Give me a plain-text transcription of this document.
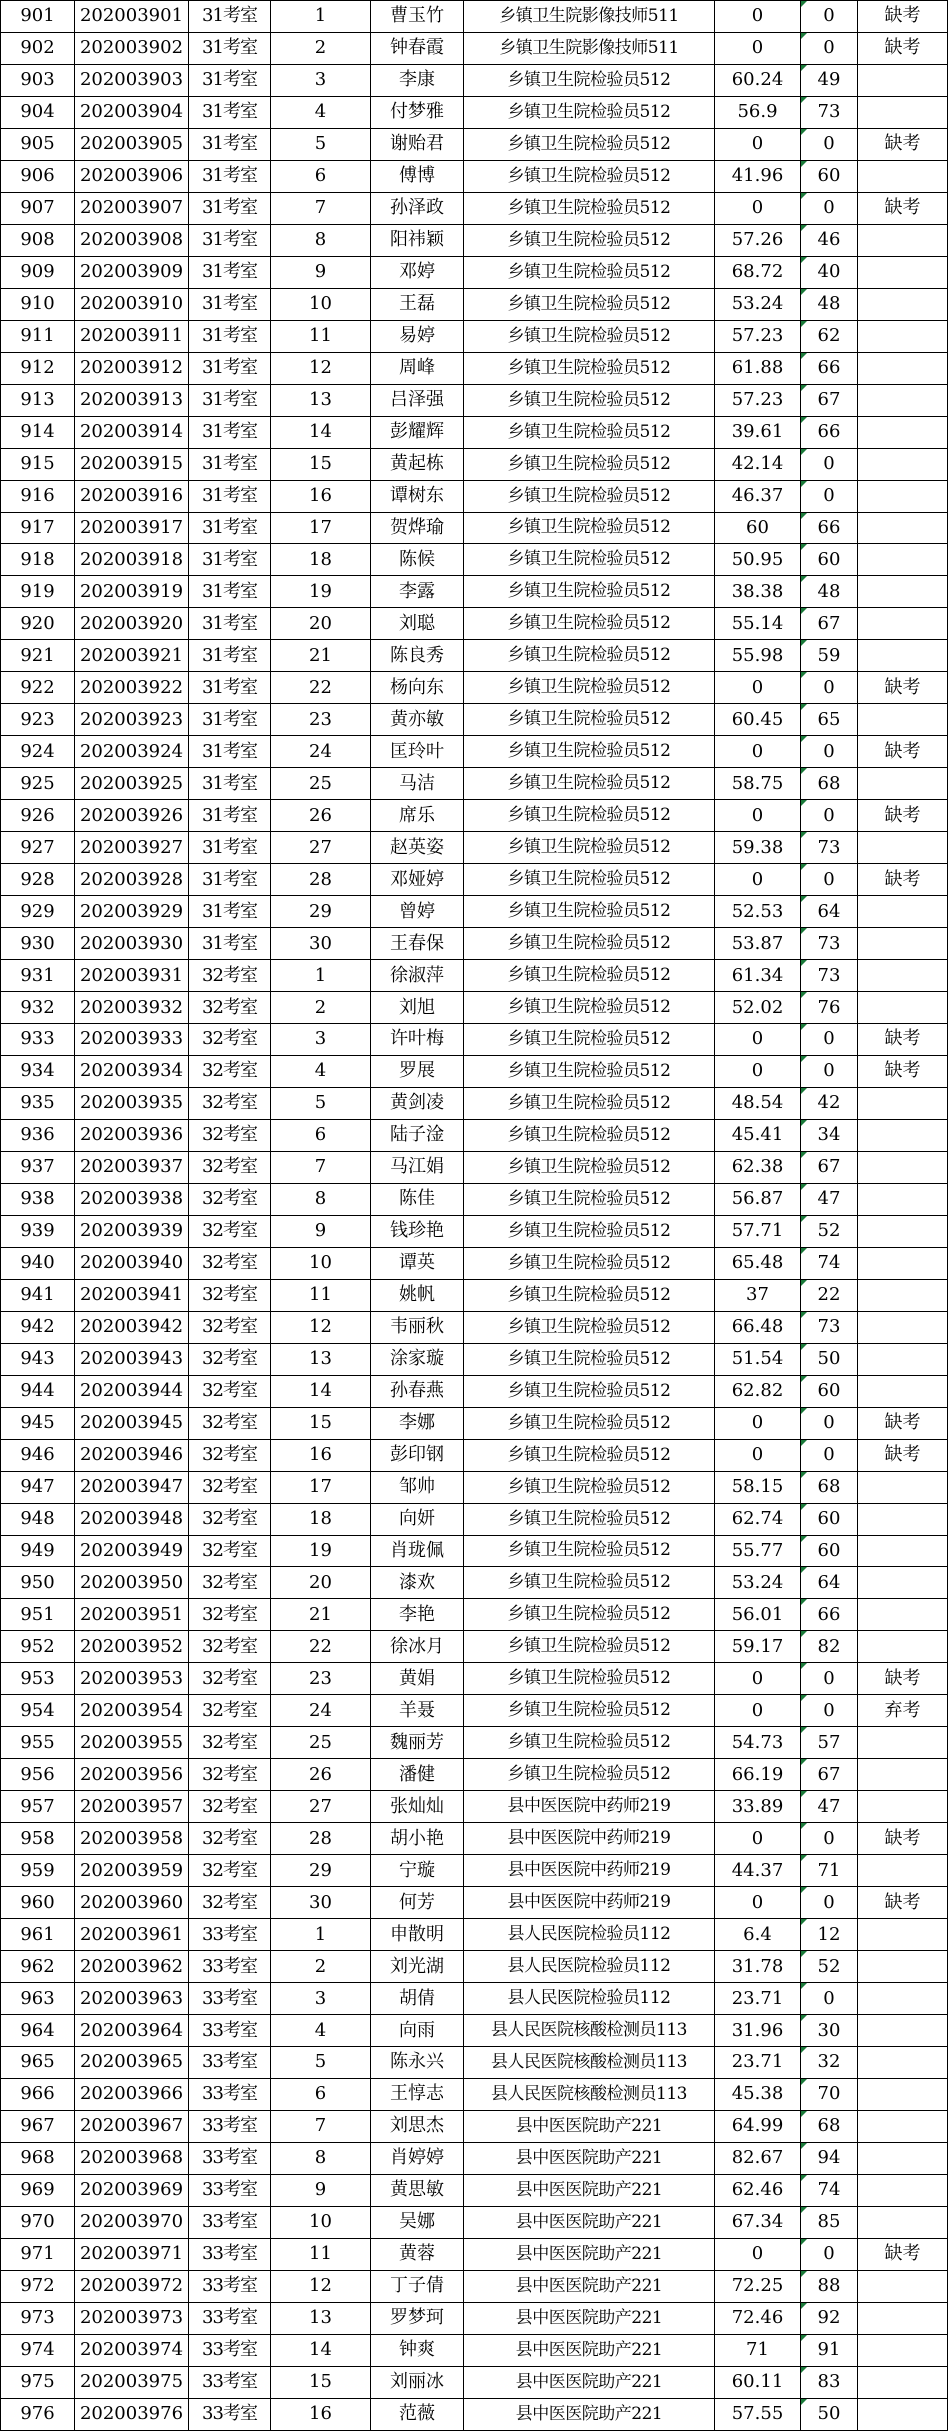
901	202003901	31考室	1	曹玉竹	乡镇卫生院影像技师511	0	0	缺考
902	202003902	31考室	2	钟春霞	乡镇卫生院影像技师511	0	0	缺考
903	202003903	31考室	3	李康	乡镇卫生院检验员512	60.24	49	
904	202003904	31考室	4	付梦雅	乡镇卫生院检验员512	56.9	73	
905	202003905	31考室	5	谢贻君	乡镇卫生院检验员512	0	0	缺考
906	202003906	31考室	6	傅博	乡镇卫生院检验员512	41.96	60	
907	202003907	31考室	7	孙泽政	乡镇卫生院检验员512	0	0	缺考
908	202003908	31考室	8	阳祎颖	乡镇卫生院检验员512	57.26	46	
909	202003909	31考室	9	邓婷	乡镇卫生院检验员512	68.72	40	
910	202003910	31考室	10	王磊	乡镇卫生院检验员512	53.24	48	
911	202003911	31考室	11	易婷	乡镇卫生院检验员512	57.23	62	
912	202003912	31考室	12	周峰	乡镇卫生院检验员512	61.88	66	
913	202003913	31考室	13	吕泽强	乡镇卫生院检验员512	57.23	67	
914	202003914	31考室	14	彭耀辉	乡镇卫生院检验员512	39.61	66	
915	202003915	31考室	15	黄起栋	乡镇卫生院检验员512	42.14	0	
916	202003916	31考室	16	谭树东	乡镇卫生院检验员512	46.37	0	
917	202003917	31考室	17	贺烨瑜	乡镇卫生院检验员512	60	66	
918	202003918	31考室	18	陈候	乡镇卫生院检验员512	50.95	60	
919	202003919	31考室	19	李露	乡镇卫生院检验员512	38.38	48	
920	202003920	31考室	20	刘聪	乡镇卫生院检验员512	55.14	67	
921	202003921	31考室	21	陈良秀	乡镇卫生院检验员512	55.98	59	
922	202003922	31考室	22	杨向东	乡镇卫生院检验员512	0	0	缺考
923	202003923	31考室	23	黄亦敏	乡镇卫生院检验员512	60.45	65	
924	202003924	31考室	24	匡玲叶	乡镇卫生院检验员512	0	0	缺考
925	202003925	31考室	25	马洁	乡镇卫生院检验员512	58.75	68	
926	202003926	31考室	26	席乐	乡镇卫生院检验员512	0	0	缺考
927	202003927	31考室	27	赵英姿	乡镇卫生院检验员512	59.38	73	
928	202003928	31考室	28	邓娅婷	乡镇卫生院检验员512	0	0	缺考
929	202003929	31考室	29	曾婷	乡镇卫生院检验员512	52.53	64	
930	202003930	31考室	30	王春保	乡镇卫生院检验员512	53.87	73	
931	202003931	32考室	1	徐淑萍	乡镇卫生院检验员512	61.34	73	
932	202003932	32考室	2	刘旭	乡镇卫生院检验员512	52.02	76	
933	202003933	32考室	3	许叶梅	乡镇卫生院检验员512	0	0	缺考
934	202003934	32考室	4	罗展	乡镇卫生院检验员512	0	0	缺考
935	202003935	32考室	5	黄剑凌	乡镇卫生院检验员512	48.54	42	
936	202003936	32考室	6	陆子淦	乡镇卫生院检验员512	45.41	34	
937	202003937	32考室	7	马江娟	乡镇卫生院检验员512	62.38	67	
938	202003938	32考室	8	陈佳	乡镇卫生院检验员512	56.87	47	
939	202003939	32考室	9	钱珍艳	乡镇卫生院检验员512	57.71	52	
940	202003940	32考室	10	谭英	乡镇卫生院检验员512	65.48	74	
941	202003941	32考室	11	姚帆	乡镇卫生院检验员512	37	22	
942	202003942	32考室	12	韦丽秋	乡镇卫生院检验员512	66.48	73	
943	202003943	32考室	13	涂家璇	乡镇卫生院检验员512	51.54	50	
944	202003944	32考室	14	孙春燕	乡镇卫生院检验员512	62.82	60	
945	202003945	32考室	15	李娜	乡镇卫生院检验员512	0	0	缺考
946	202003946	32考室	16	彭印钢	乡镇卫生院检验员512	0	0	缺考
947	202003947	32考室	17	邹帅	乡镇卫生院检验员512	58.15	68	
948	202003948	32考室	18	向妍	乡镇卫生院检验员512	62.74	60	
949	202003949	32考室	19	肖珑佩	乡镇卫生院检验员512	55.77	60	
950	202003950	32考室	20	漆欢	乡镇卫生院检验员512	53.24	64	
951	202003951	32考室	21	李艳	乡镇卫生院检验员512	56.01	66	
952	202003952	32考室	22	徐冰月	乡镇卫生院检验员512	59.17	82	
953	202003953	32考室	23	黄娟	乡镇卫生院检验员512	0	0	缺考
954	202003954	32考室	24	羊聂	乡镇卫生院检验员512	0	0	弃考
955	202003955	32考室	25	魏丽芳	乡镇卫生院检验员512	54.73	57	
956	202003956	32考室	26	潘健	乡镇卫生院检验员512	66.19	67	
957	202003957	32考室	27	张灿灿	县中医医院中药师219	33.89	47	
958	202003958	32考室	28	胡小艳	县中医医院中药师219	0	0	缺考
959	202003959	32考室	29	宁璇	县中医医院中药师219	44.37	71	
960	202003960	32考室	30	何芳	县中医医院中药师219	0	0	缺考
961	202003961	33考室	1	申散明	县人民医院检验员112	6.4	12	
962	202003962	33考室	2	刘光湖	县人民医院检验员112	31.78	52	
963	202003963	33考室	3	胡倩	县人民医院检验员112	23.71	0	
964	202003964	33考室	4	向雨	县人民医院核酸检测员113	31.96	30	
965	202003965	33考室	5	陈永兴	县人民医院核酸检测员113	23.71	32	
966	202003966	33考室	6	王惇志	县人民医院核酸检测员113	45.38	70	
967	202003967	33考室	7	刘思杰	县中医医院助产221	64.99	68	
968	202003968	33考室	8	肖婷婷	县中医医院助产221	82.67	94	
969	202003969	33考室	9	黄思敏	县中医医院助产221	62.46	74	
970	202003970	33考室	10	吴娜	县中医医院助产221	67.34	85	
971	202003971	33考室	11	黄蓉	县中医医院助产221	0	0	缺考
972	202003972	33考室	12	丁子倩	县中医医院助产221	72.25	88	
973	202003973	33考室	13	罗梦珂	县中医医院助产221	72.46	92	
974	202003974	33考室	14	钟爽	县中医医院助产221	71	91	
975	202003975	33考室	15	刘丽冰	县中医医院助产221	60.11	83	
976	202003976	33考室	16	范薇	县中医医院助产221	57.55	50	
